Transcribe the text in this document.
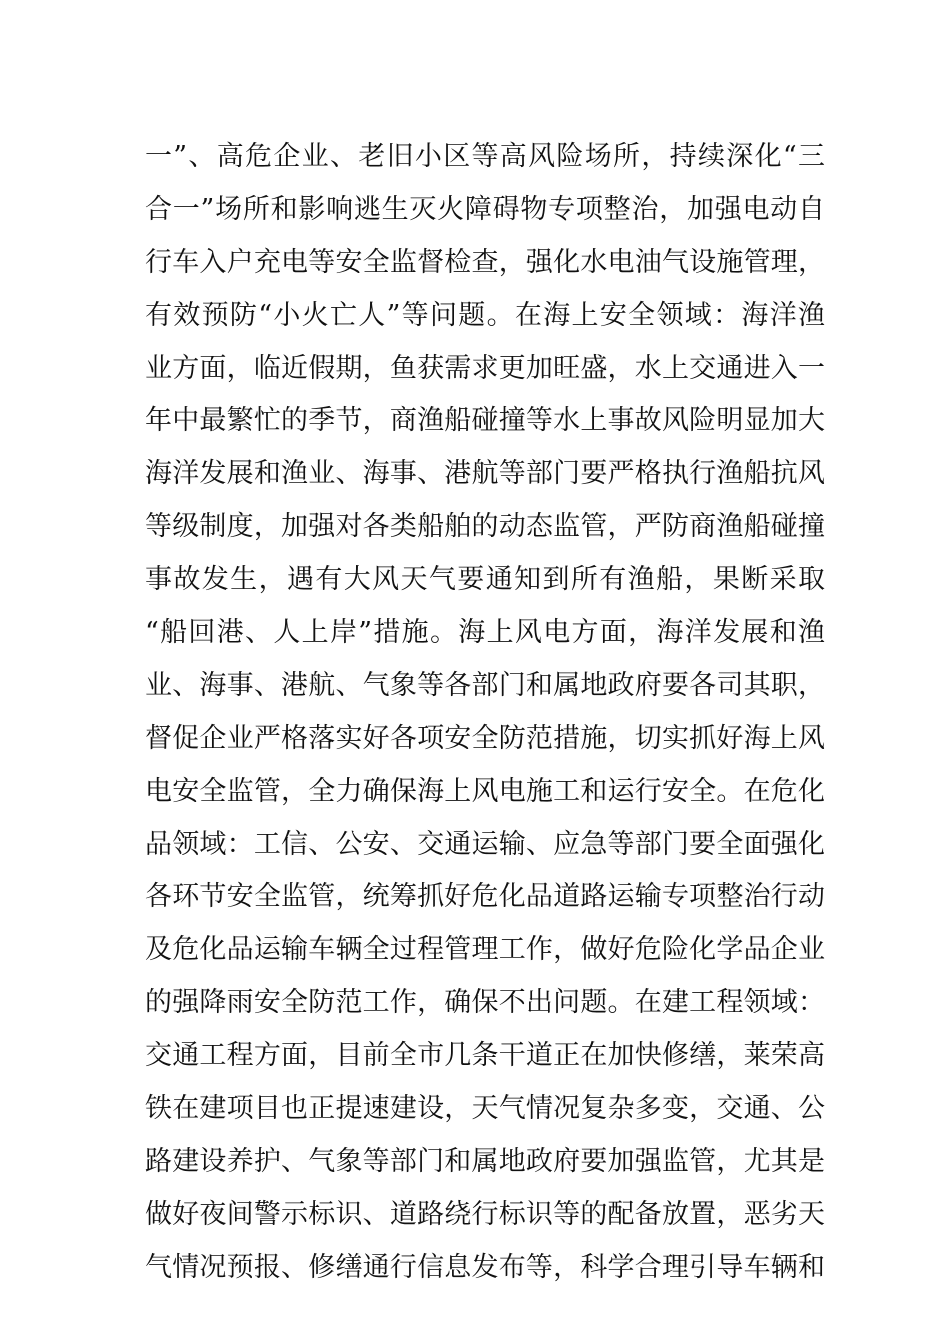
一”、高危企业、老旧小区等高风险场所，持续深化“三
合一”场所和影响逃生灭火障碍物专项整治，加强电动自
行车入户充电等安全监督检查，强化水电油气设施管理，
有效预防“小火亡人”等问题。在海上安全领域：海洋渔
业方面，临近假期，鱼获需求更加旺盛，水上交通进入一
年中最繁忙的季节，商渔船碰撞等水上事故风险明显加大
海洋发展和渔业、海事、港航等部门要严格执行渔船抗风
等级制度，加强对各类船舶的动态监管，严防商渔船碰撞
事故发生，遇有大风天气要通知到所有渔船，果断采取
“船回港、人上岸”措施。海上风电方面，海洋发展和渔
业、海事、港航、气象等各部门和属地政府要各司其职，
督促企业严格落实好各项安全防范措施，切实抓好海上风
电安全监管，全力确保海上风电施工和运行安全。在危化
品领域：工信、公安、交通运输、应急等部门要全面强化
各环节安全监管，统筹抓好危化品道路运输专项整治行动
及危化品运输车辆全过程管理工作，做好危险化学品企业
的强降雨安全防范工作，确保不出问题。在建工程领域：
交通工程方面，目前全市几条干道正在加快修缮，莱荣高
铁在建项目也正提速建设，天气情况复杂多变，交通、公
路建设养护、气象等部门和属地政府要加强监管，尤其是
做好夜间警示标识、道路绕行标识等的配备放置，恶劣天
气情况预报、修缮通行信息发布等，科学合理引导车辆和
